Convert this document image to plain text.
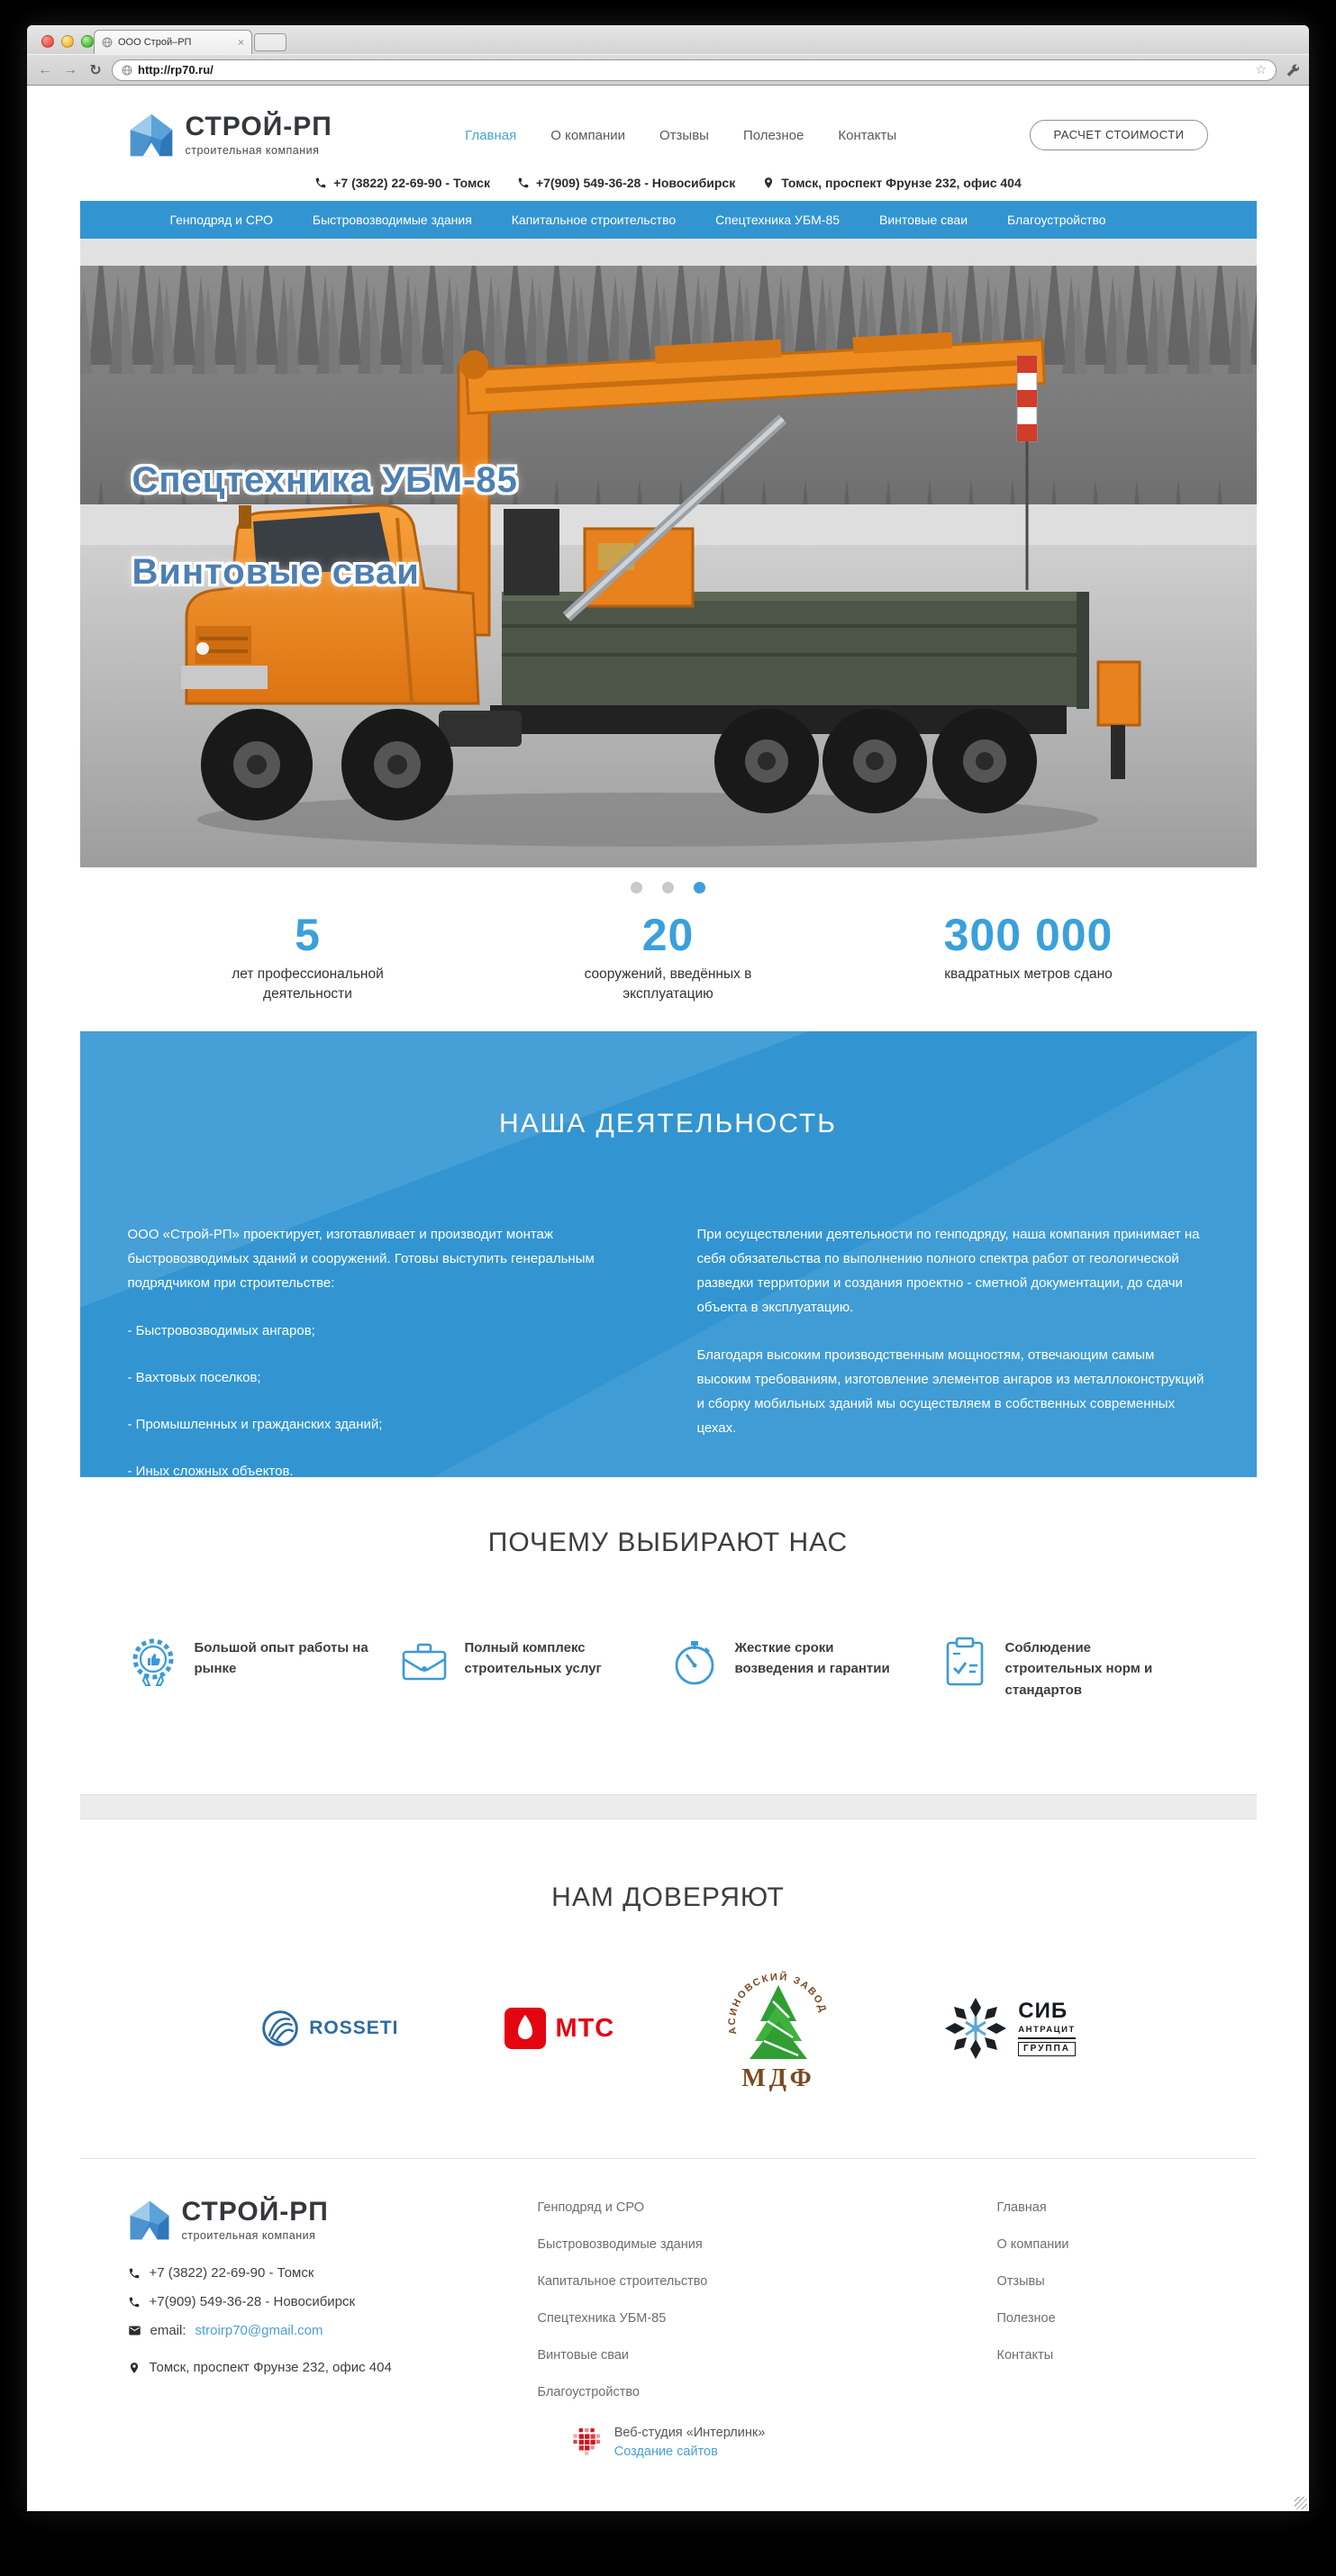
ООО Строй–РП	×
← → ↻	http://rp70.ru/	☆
СТРОЙ-РП
строительная компания
Главная	О компании	Отзывы	Полезное	Контакты	РАСЧЕТ СТОИМОСТИ
+7 (3822) 22-69-90 - Томск	+7(909) 549-36-28 - Новосибирск	Томск, проспект Фрунзе 232, офис 404
Генподряд и СРО	Быстровозводимые здания	Капитальное строительство	Спецтехника УБМ-85	Винтовые сваи	Благоустройство
Спецтехника УБМ-85
Винтовые сваи
5
лет профессиональной деятельности
20
сооружений, введённых в эксплуатацию
300 000
квадратных метров сдано
НАША ДЕЯТЕЛЬНОСТЬ

ООО «Строй-РП» проектирует, изготавливает и производит монтаж быстровозводимых зданий и сооружений. Готовы выступить генеральным подрядчиком при строительстве:

- Быстровозводимых ангаров;
- Вахтовых поселков;
- Промышленных и гражданских зданий;
- Иных сложных объектов.

При осуществлении деятельности по генподряду, наша компания принимает на себя обязательства по выполнению полного спектра работ от геологической разведки территории и создания проектно - сметной документации, до сдачи объекта в эксплуатацию.

Благодаря высоким производственным мощностям, отвечающим самым высоким требованиям, изготовление элементов ангаров из металлоконструкций и сборку мобильных зданий мы осуществляем в собственных современных цехах.

ПОЧЕМУ ВЫБИРАЮТ НАС
Большой опыт работы на рынке
Полный комплекс строительных услуг
Жесткие сроки возведения и гарантии
Соблюдение строительных норм и стандартов
НАМ ДОВЕРЯЮТ
ROSSETI	МТС	АСИНОВСКИЙ ЗАВОД
МДФ
СИБ
АНТРАЦИТ
ГРУППА
СТРОЙ-РП
строительная компания
+7 (3822) 22-69-90 - Томск
+7(909) 549-36-28 - Новосибирск
email: stroirp70@gmail.com
Томск, проспект Фрунзе 232, офис 404
Генподряд и СРО
Быстровозводимые здания
Капитальное строительство
Спецтехника УБМ-85
Винтовые сваи
Благоустройство
Главная
О компании
Отзывы
Полезное
Контакты
Веб-студия «Интерлинк»
Создание сайтов
